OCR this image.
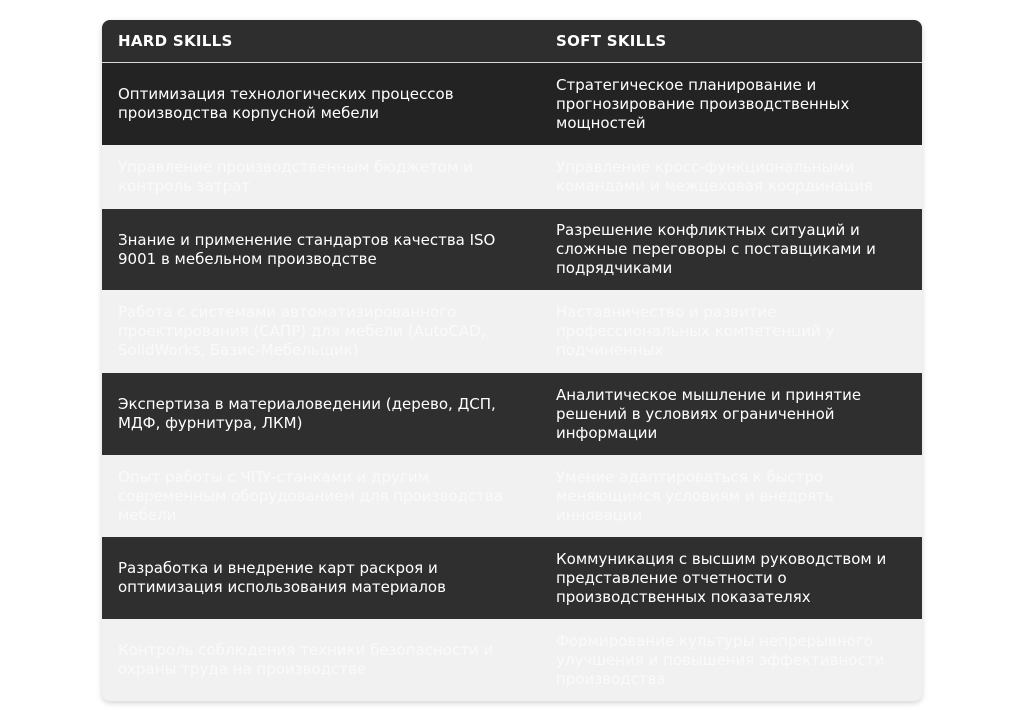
HARD SKILLS	SOFT SKILLS
Оптимизация технологических процессов производства корпусной мебели
Стратегическое планирование и прогнозирование производственных мощностей
Управление производственным бюджетом и контроль затрат
Управление кросс-функциональными командами и межцеховая координация
Знание и применение стандартов качества ISO 9001 в мебельном производстве
Разрешение конфликтных ситуаций и сложные переговоры с поставщиками и подрядчиками
Работа с системами автоматизированного проектирования (САПР) для мебели (AutoCAD, SolidWorks, Базис-Мебельщик)
Наставничество и развитие профессиональных компетенций у подчиненных
Экспертиза в материаловедении (дерево, ДСП, МДФ, фурнитура, ЛКМ)
Аналитическое мышление и принятие решений в условиях ограниченной информации
Опыт работы с ЧПУ-станками и другим современным оборудованием для производства мебели
Умение адаптироваться к быстро меняющимся условиям и внедрять инновации
Разработка и внедрение карт раскроя и оптимизация использования материалов
Коммуникация с высшим руководством и представление отчетности о производственных показателях
Контроль соблюдения техники безопасности и охраны труда на производстве
Формирование культуры непрерывного улучшения и повышения эффективности производства
